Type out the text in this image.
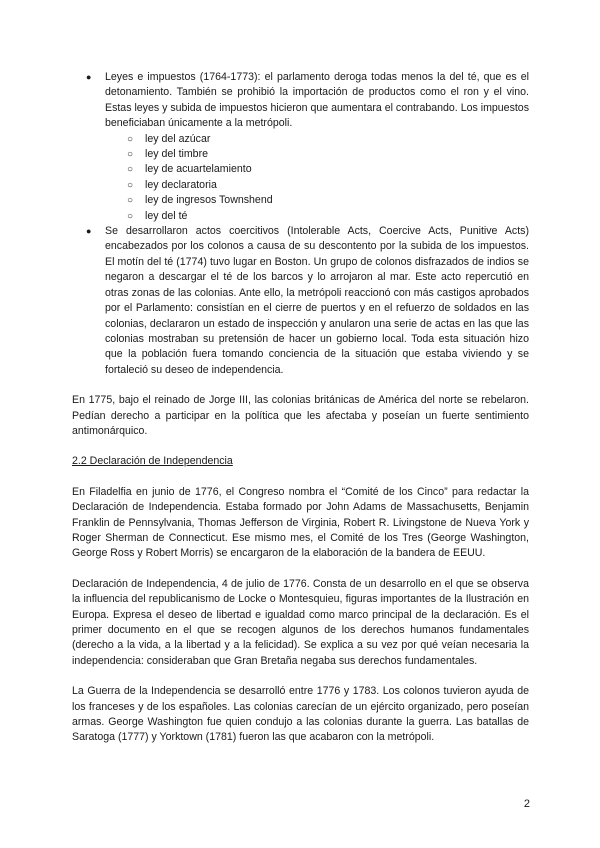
● Leyes e impuestos (1764-1773): el parlamento deroga todas menos la del té, que es el detonamiento. También se prohibió la importación de productos como el ron y el vino. Estas leyes y subida de impuestos hicieron que aumentara el contrabando. Los impuestos beneficiaban únicamente a la metrópoli.
○ ley del azúcar
○ ley del timbre
○ ley de acuartelamiento
○ ley declaratoria
○ ley de ingresos Townshend
○ ley del té
● Se desarrollaron actos coercitivos (Intolerable Acts, Coercive Acts, Punitive Acts) encabezados por los colonos a causa de su descontento por la subida de los impuestos. El motín del té (1774) tuvo lugar en Boston. Un grupo de colonos disfrazados de indios se negaron a descargar el té de los barcos y lo arrojaron al mar. Este acto repercutió en otras zonas de las colonias. Ante ello, la metrópoli reaccionó con más castigos aprobados por el Parlamento: consistían en el cierre de puertos y en el refuerzo de soldados en las colonias, declararon un estado de inspección y anularon una serie de actas en las que las colonias mostraban su pretensión de hacer un gobierno local. Toda esta situación hizo que la población fuera tomando conciencia de la situación que estaba viviendo y se fortaleció su deseo de independencia.

En 1775, bajo el reinado de Jorge III, las colonias británicas de América del norte se rebelaron. Pedían derecho a participar en la política que les afectaba y poseían un fuerte sentimiento antimonárquico.

2.2 Declaración de Independencia

En Filadelfia en junio de 1776, el Congreso nombra el “Comité de los Cinco” para redactar la Declaración de Independencia. Estaba formado por John Adams de Massachusetts, Benjamin Franklin de Pennsylvania, Thomas Jefferson de Virginia, Robert R. Livingstone de Nueva York y Roger Sherman de Connecticut. Ese mismo mes, el Comité de los Tres (George Washington, George Ross y Robert Morris) se encargaron de la elaboración de la bandera de EEUU.

Declaración de Independencia, 4 de julio de 1776. Consta de un desarrollo en el que se observa la influencia del republicanismo de Locke o Montesquieu, figuras importantes de la Ilustración en Europa. Expresa el deseo de libertad e igualdad como marco principal de la declaración. Es el primer documento en el que se recogen algunos de los derechos humanos fundamentales (derecho a la vida, a la libertad y a la felicidad). Se explica a su vez por qué veían necesaria la independencia: consideraban que Gran Bretaña negaba sus derechos fundamentales.

La Guerra de la Independencia se desarrolló entre 1776 y 1783. Los colonos tuvieron ayuda de los franceses y de los españoles. Las colonias carecían de un ejército organizado, pero poseían armas. George Washington fue quien condujo a las colonias durante la guerra. Las batallas de Saratoga (1777) y Yorktown (1781) fueron las que acabaron con la metrópoli.

2
